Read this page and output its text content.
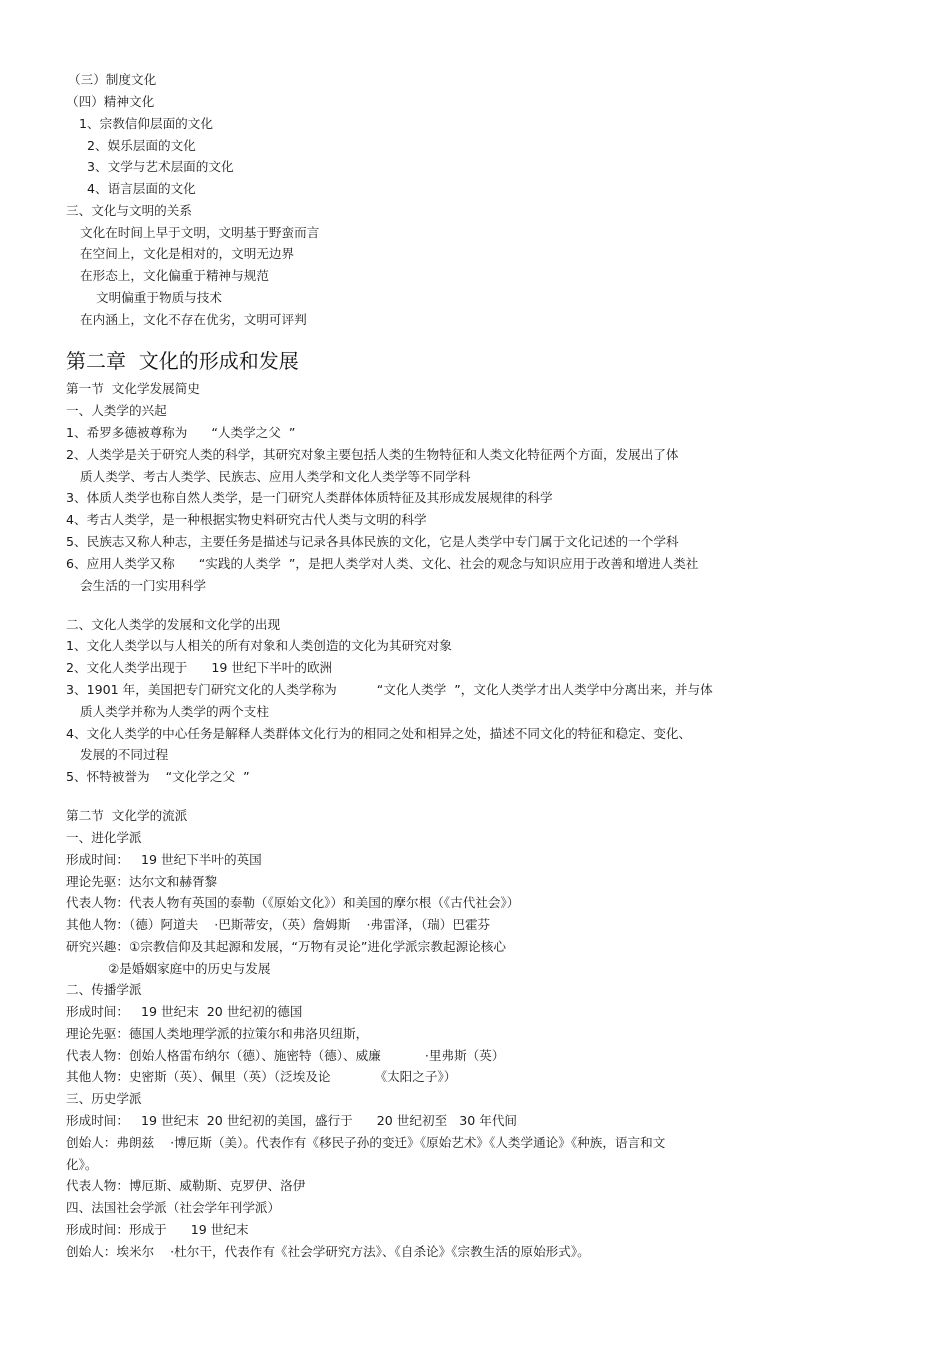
（三）制度文化
（四）精神文化
1、宗教信仰层面的文化
2、娱乐层面的文化
3、文学与艺术层面的文化
4、语言层面的文化
三、文化与文明的关系
文化在时间上早于文明，文明基于野蛮而言
在空间上，文化是相对的，文明无边界
在形态上，文化偏重于精神与规范
文明偏重于物质与技术
在内涵上，文化不存在优劣，文明可评判
第二章  文化的形成和发展
第一节  文化学发展简史
一、人类学的兴起
1、希罗多德被尊称为      “人类学之父  ”
2、人类学是关于研究人类的科学，其研究对象主要包括人类的生物特征和人类文化特征两个方面，发展出了体
质人类学、考古人类学、民族志、应用人类学和文化人类学等不同学科
3、体质人类学也称自然人类学，是一门研究人类群体体质特征及其形成发展规律的科学
4、考古人类学，是一种根据实物史料研究古代人类与文明的科学
5、民族志又称人种志，主要任务是描述与记录各具体民族的文化，它是人类学中专门属于文化记述的一个学科
6、应用人类学又称      “实践的人类学  ”，是把人类学对人类、文化、社会的观念与知识应用于改善和增进人类社
会生活的一门实用科学
二、文化人类学的发展和文化学的出现
1、文化人类学以与人相关的所有对象和人类创造的文化为其研究对象
2、文化人类学出现于      19 世纪下半叶的欧洲
3、1901 年，美国把专门研究文化的人类学称为          “文化人类学  ”，文化人类学才出人类学中分离出来，并与体
质人类学并称为人类学的两个支柱
4、文化人类学的中心任务是解释人类群体文化行为的相同之处和相异之处，描述不同文化的特征和稳定、变化、
发展的不同过程
5、怀特被誉为    “文化学之父  ”
第二节  文化学的流派
一、进化学派
形成时间：   19 世纪下半叶的英国
理论先驱：达尔文和赫胥黎
代表人物：代表人物有英国的泰勒（《原始文化》）和美国的摩尔根（《古代社会》）
其他人物：（德）阿道夫    ·巴斯蒂安，（英）詹姆斯    ·弗雷泽，（瑞）巴霍芬
研究兴趣：①宗教信仰及其起源和发展，“万物有灵论”进化学派宗教起源论核心
②是婚姻家庭中的历史与发展
二、传播学派
形成时间：   19 世纪末  20 世纪初的德国
理论先驱：德国人类地理学派的拉策尔和弗洛贝纽斯，
代表人物：创始人格雷布纳尔（德）、施密特（德）、威廉           ·里弗斯（英）
其他人物：史密斯（英）、佩里（英）（泛埃及论           《太阳之子》）
三、历史学派
形成时间：   19 世纪末  20 世纪初的美国，盛行于      20 世纪初至   30 年代间
创始人：弗朗兹    ·博厄斯（美）。代表作有《移民子孙的变迁》《原始艺术》《人类学通论》《种族，语言和文
化》。
代表人物：博厄斯、威勒斯、克罗伊、洛伊
四、法国社会学派（社会学年刊学派）
形成时间：形成于      19 世纪末
创始人：埃米尔    ·杜尔干，代表作有《社会学研究方法》、《自杀论》《宗教生活的原始形式》。
